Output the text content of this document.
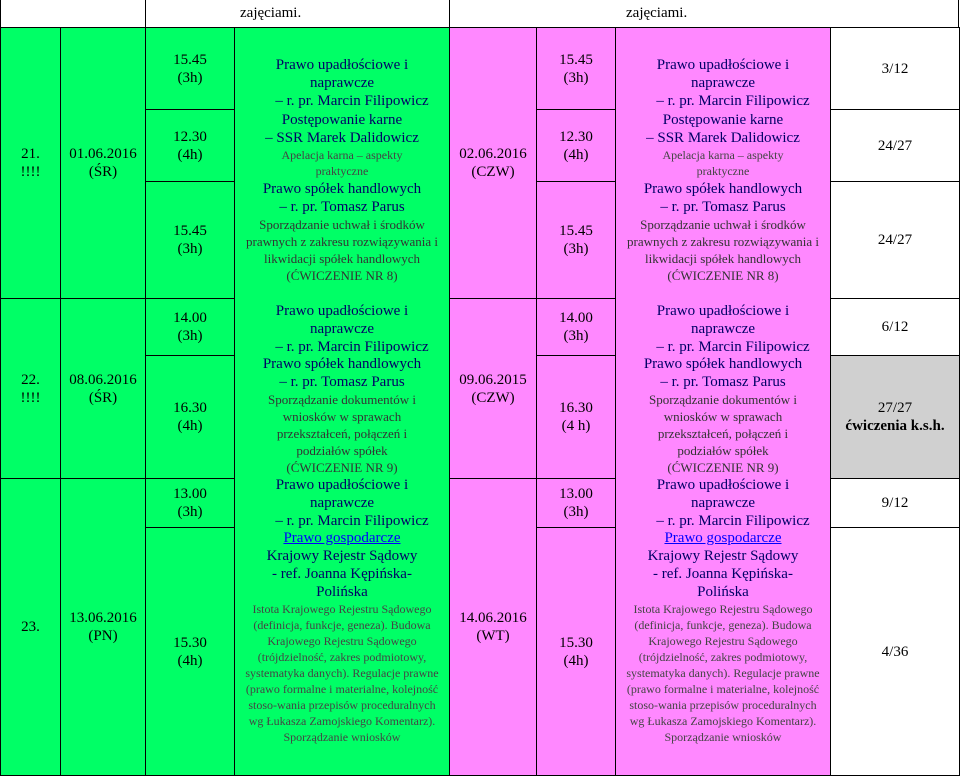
zajęciami.	zajęciami.
21.
!!!!
22.
!!!!
23.
01.06.2016
(ŚR)
08.06.2016
(ŚR)
13.06.2016
(PN)
15.45
(3h)
12.30
(4h)
15.45
(3h)
14.00
(3h)
16.30
(4h)
13.00
(3h)
15.30
(4h)
Prawo upadłościowe i naprawcze
– r. pr. Marcin Filipowicz
Postępowanie karne
– SSR Marek Dalidowicz
Apelacja karna – aspekty praktyczne
Prawo spółek handlowych
– r. pr. Tomasz Parus
Sporządzanie uchwał i środków prawnych z zakresu rozwiązywania i likwidacji spółek handlowych
(ĆWICZENIE NR 8)
Prawo upadłościowe i naprawcze
– r. pr. Marcin Filipowicz
Prawo spółek handlowych
– r. pr. Tomasz Parus
Sporządzanie dokumentów i wniosków w sprawach przekształceń, połączeń i podziałów spółek
(ĆWICZENIE NR 9)
Prawo upadłościowe i naprawcze
– r. pr. Marcin Filipowicz
Prawo gospodarcze
Krajowy Rejestr Sądowy
- ref. Joanna Kępińska-Polińska
Istota Krajowego Rejestru Sądowego (definicja, funkcje, geneza). Budowa Krajowego Rejestru Sądowego (trójdzielność, zakres podmiotowy, systematyka danych). Regulacje prawne (prawo formalne i materialne, kolejność stoso-wania przepisów proceduralnych wg Łukasza Zamojskiego Komentarz). Sporządzanie wniosków
02.06.2016
(CZW)
09.06.2015
(CZW)
14.06.2016
(WT)
15.45
(3h)
12.30
(4h)
15.45
(3h)
14.00
(3h)
16.30
(4 h)
13.00
(3h)
15.30
(4h)
Prawo upadłościowe i naprawcze
– r. pr. Marcin Filipowicz
Postępowanie karne
– SSR Marek Dalidowicz
Apelacja karna – aspekty praktyczne
Prawo spółek handlowych
– r. pr. Tomasz Parus
Sporządzanie uchwał i środków prawnych z zakresu rozwiązywania i likwidacji spółek handlowych
(ĆWICZENIE NR 8)
Prawo upadłościowe i naprawcze
– r. pr. Marcin Filipowicz
Prawo spółek handlowych
– r. pr. Tomasz Parus
Sporządzanie dokumentów i wniosków w sprawach przekształceń, połączeń i podziałów spółek
(ĆWICZENIE NR 9)
Prawo upadłościowe i naprawcze
– r. pr. Marcin Filipowicz
Prawo gospodarcze
Krajowy Rejestr Sądowy
- ref. Joanna Kępińska-Polińska
Istota Krajowego Rejestru Sądowego (definicja, funkcje, geneza). Budowa Krajowego Rejestru Sądowego (trójdzielność, zakres podmiotowy, systematyka danych). Regulacje prawne (prawo formalne i materialne, kolejność stoso-wania przepisów proceduralnych wg Łukasza Zamojskiego Komentarz). Sporządzanie wniosków
3/12
24/27
24/27
6/12
27/27
ćwiczenia k.s.h.
9/12
4/36
